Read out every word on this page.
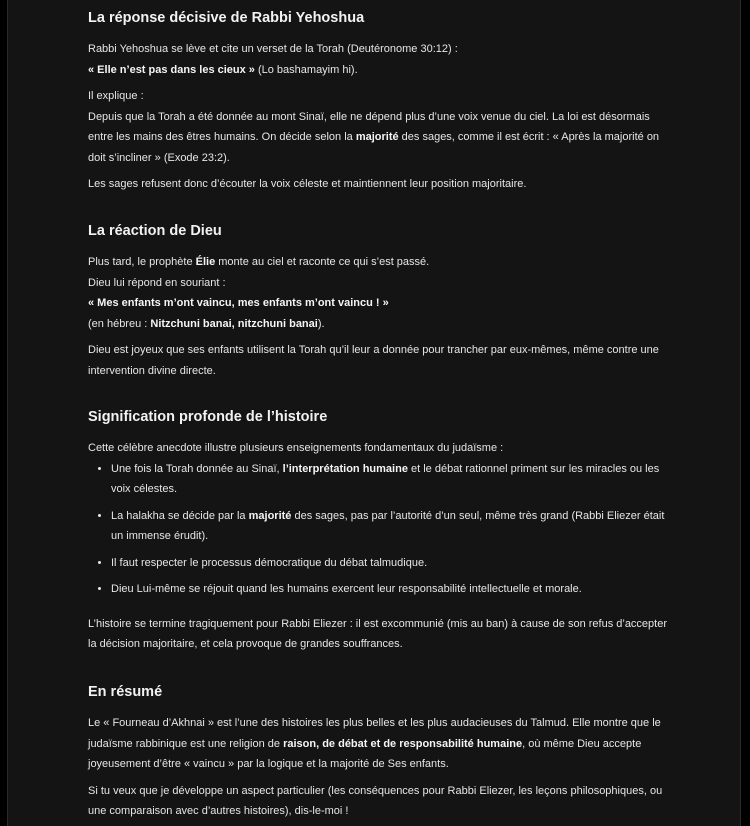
La réponse décisive de Rabbi Yehoshua

Rabbi Yehoshua se lève et cite un verset de la Torah (Deutéronome 30:12) :
« Elle n’est pas dans les cieux » (Lo bashamayim hi).

Il explique :
Depuis que la Torah a été donnée au mont Sinaï, elle ne dépend plus d’une voix venue du ciel. La loi est désormais entre les mains des êtres humains. On décide selon la majorité des sages, comme il est écrit : « Après la majorité on doit s’incliner » (Exode 23:2).

Les sages refusent donc d’écouter la voix céleste et maintiennent leur position majoritaire.

La réaction de Dieu

Plus tard, le prophète Élie monte au ciel et raconte ce qui s’est passé.
Dieu lui répond en souriant :
« Mes enfants m’ont vaincu, mes enfants m’ont vaincu ! »
(en hébreu : Nitzchuni banai, nitzchuni banai).

Dieu est joyeux que ses enfants utilisent la Torah qu’il leur a donnée pour trancher par eux-mêmes, même contre une intervention divine directe.

Signification profonde de l’histoire

Cette célèbre anecdote illustre plusieurs enseignements fondamentaux du judaïsme :

• Une fois la Torah donnée au Sinaï, l’interprétation humaine et le débat rationnel priment sur les miracles ou les voix célestes.
• La halakha se décide par la majorité des sages, pas par l’autorité d’un seul, même très grand (Rabbi Eliezer était un immense érudit).
• Il faut respecter le processus démocratique du débat talmudique.
• Dieu Lui-même se réjouit quand les humains exercent leur responsabilité intellectuelle et morale.

L’histoire se termine tragiquement pour Rabbi Eliezer : il est excommunié (mis au ban) à cause de son refus d’accepter la décision majoritaire, et cela provoque de grandes souffrances.

En résumé

Le « Fourneau d’Akhnai » est l’une des histoires les plus belles et les plus audacieuses du Talmud. Elle montre que le judaïsme rabbinique est une religion de raison, de débat et de responsabilité humaine, où même Dieu accepte joyeusement d’être « vaincu » par la logique et la majorité de Ses enfants.

Si tu veux que je développe un aspect particulier (les conséquences pour Rabbi Eliezer, les leçons philosophiques, ou une comparaison avec d’autres histoires), dis-le-moi !
